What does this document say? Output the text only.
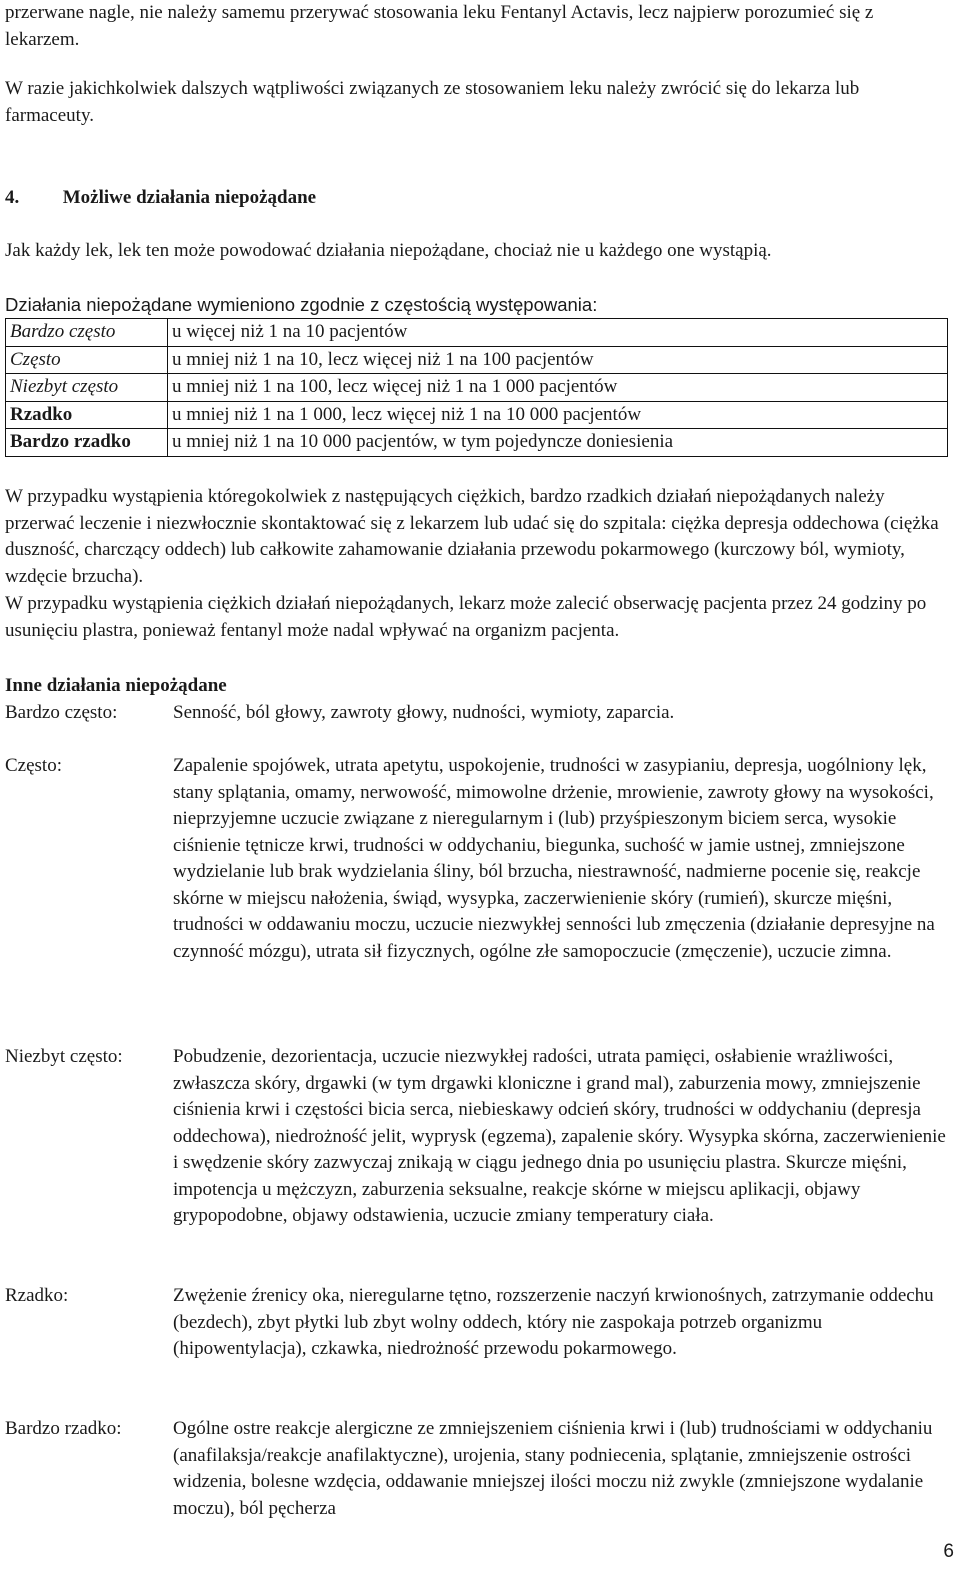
przerwane nagle, nie należy samemu przerywać stosowania leku Fentanyl Actavis, lecz najpierw porozumieć się z lekarzem.

W razie jakichkolwiek dalszych wątpliwości związanych ze stosowaniem leku należy zwrócić się do lekarza lub farmaceuty.

4. Możliwe działania niepożądane

Jak każdy lek, lek ten może powodować działania niepożądane, chociaż nie u każdego one wystąpią.

Działania niepożądane wymieniono zgodnie z częstością występowania:

Bardzo często	u więcej niż 1 na 10 pacjentów
Często	u mniej niż 1 na 10, lecz więcej niż 1 na 100 pacjentów
Niezbyt często	u mniej niż 1 na 100, lecz więcej niż 1 na 1 000 pacjentów
Rzadko	u mniej niż 1 na 1 000, lecz więcej niż 1 na 10 000 pacjentów
Bardzo rzadko	u mniej niż 1 na 10 000 pacjentów, w tym pojedyncze doniesienia

W przypadku wystąpienia któregokolwiek z następujących ciężkich, bardzo rzadkich działań niepożądanych należy przerwać leczenie i niezwłocznie skontaktować się z lekarzem lub udać się do szpitala: ciężka depresja oddechowa (ciężka duszność, charczący oddech) lub całkowite zahamowanie działania przewodu pokarmowego (kurczowy ból, wymioty, wzdęcie brzucha).

W przypadku wystąpienia ciężkich działań niepożądanych, lekarz może zalecić obserwację pacjenta przez 24 godziny po usunięciu plastra, ponieważ fentanyl może nadal wpływać na organizm pacjenta.

Inne działania niepożądane
Bardzo często:	Senność, ból głowy, zawroty głowy, nudności, wymioty, zaparcia.
Często:	Zapalenie spojówek, utrata apetytu, uspokojenie, trudności w zasypianiu, depresja, uogólniony lęk, stany splątania, omamy, nerwowość, mimowolne drżenie, mrowienie, zawroty głowy na wysokości, nieprzyjemne uczucie związane z nieregularnym i (lub) przyśpieszonym biciem serca, wysokie ciśnienie tętnicze krwi, trudności w oddychaniu, biegunka, suchość w jamie ustnej, zmniejszone wydzielanie lub brak wydzielania śliny, ból brzucha, niestrawność, nadmierne pocenie się, reakcje skórne w miejscu nałożenia, świąd, wysypka, zaczerwienienie skóry (rumień), skurcze mięśni, trudności w oddawaniu moczu, uczucie niezwykłej senności lub zmęczenia (działanie depresyjne na czynność mózgu), utrata sił fizycznych, ogólne złe samopoczucie (zmęczenie), uczucie zimna.
Niezbyt często:	Pobudzenie, dezorientacja, uczucie niezwykłej radości, utrata pamięci, osłabienie wrażliwości, zwłaszcza skóry, drgawki (w tym drgawki kloniczne i grand mal), zaburzenia mowy, zmniejszenie ciśnienia krwi i częstości bicia serca, niebieskawy odcień skóry, trudności w oddychaniu (depresja oddechowa), niedrożność jelit, wyprysk (egzema), zapalenie skóry. Wysypka skórna, zaczerwienienie i swędzenie skóry zazwyczaj znikają w ciągu jednego dnia po usunięciu plastra. Skurcze mięśni, impotencja u mężczyzn, zaburzenia seksualne, reakcje skórne w miejscu aplikacji, objawy grypopodobne, objawy odstawienia, uczucie zmiany temperatury ciała.
Rzadko:	Zwężenie źrenicy oka, nieregularne tętno, rozszerzenie naczyń krwionośnych, zatrzymanie oddechu (bezdech), zbyt płytki lub zbyt wolny oddech, który nie zaspokaja potrzeb organizmu (hipowentylacja), czkawka, niedrożność przewodu pokarmowego.
Bardzo rzadko:	Ogólne ostre reakcje alergiczne ze zmniejszeniem ciśnienia krwi i (lub) trudnościami w oddychaniu (anafilaksja/reakcje anafilaktyczne), urojenia, stany podniecenia, splątanie, zmniejszenie ostrości widzenia, bolesne wzdęcia, oddawanie mniejszej ilości moczu niż zwykle (zmniejszone wydalanie moczu), ból pęcherza
6
